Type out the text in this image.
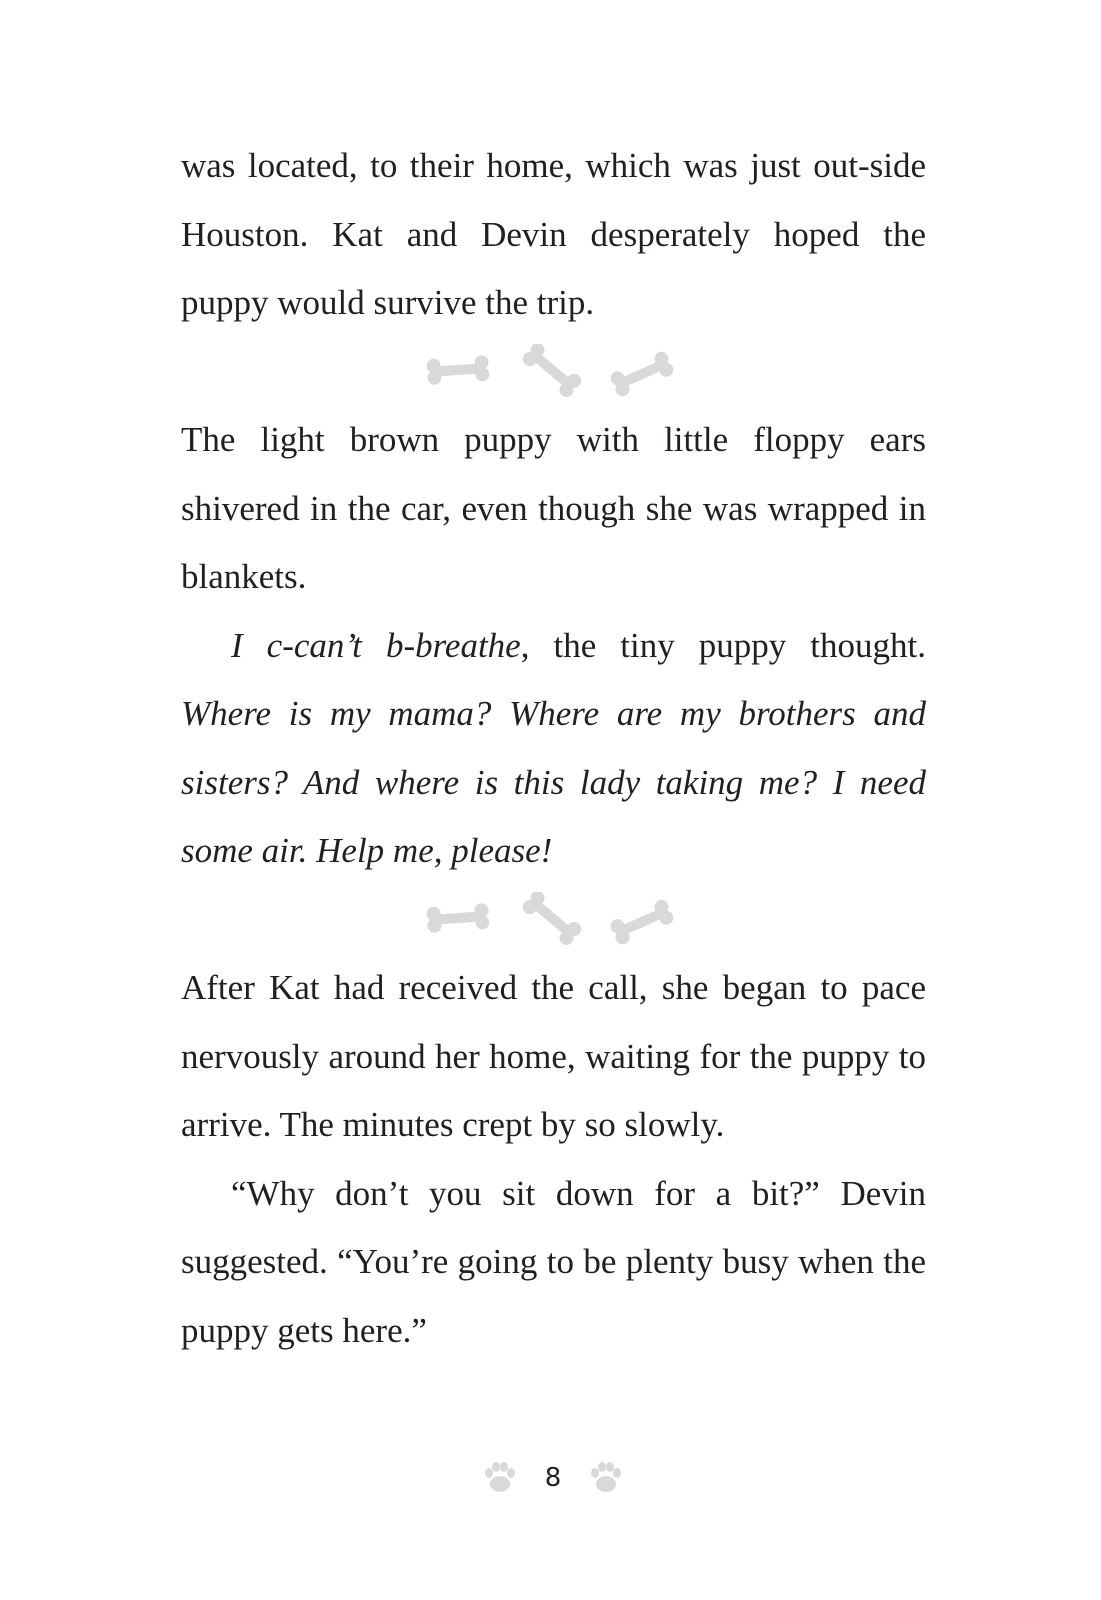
was located, to their home, which was just out-side Houston. Kat and Devin desperately hoped the puppy would survive the trip.

The light brown puppy with little floppy ears shivered in the car, even though she was wrapped in blankets.

I c-can’t b-breathe, the tiny puppy thought. Where is my mama? Where are my brothers and sisters? And where is this lady taking me? I need some air. Help me, please!

After Kat had received the call, she began to pace nervously around her home, waiting for the puppy to arrive. The minutes crept by so slowly.

“Why don’t you sit down for a bit?” Devin suggested. “You’re going to be plenty busy when the puppy gets here.”

8
